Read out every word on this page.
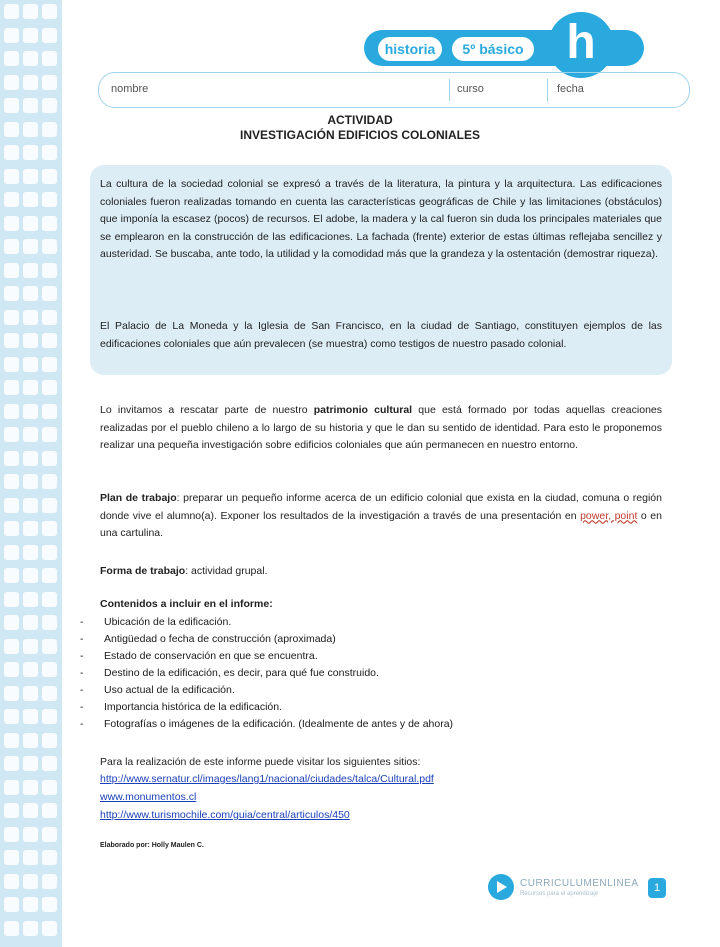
historia	5º básico h
nombre	curso	fecha
ACTIVIDAD
INVESTIGACIÓN EDIFICIOS COLONIALES

La cultura de la sociedad colonial se expresó a través de la literatura, la pintura y la arquitectura. Las edificaciones coloniales fueron realizadas tomando en cuenta las características geográficas de Chile y las limitaciones (obstáculos) que imponía la escasez (pocos) de recursos. El adobe, la madera y la cal fueron sin duda los principales materiales que se emplearon en la construcción de las edificaciones. La fachada (frente) exterior de estas últimas reflejaba sencillez y austeridad. Se buscaba, ante todo, la utilidad y la comodidad más que la grandeza y la ostentación (demostrar riqueza).

El Palacio de La Moneda y la Iglesia de San Francisco, en la ciudad de Santiago, constituyen ejemplos de las edificaciones coloniales que aún prevalecen (se muestra) como testigos de nuestro pasado colonial.

Lo invitamos a rescatar parte de nuestro patrimonio cultural que está formado por todas aquellas creaciones realizadas por el pueblo chileno a lo largo de su historia y que le dan su sentido de identidad. Para esto le proponemos realizar una pequeña investigación sobre edificios coloniales que aún permanecen en nuestro entorno.

Plan de trabajo: preparar un pequeño informe acerca de un edificio colonial que exista en la ciudad, comuna o región donde vive el alumno(a). Exponer los resultados de la investigación a través de una presentación en power, point o en una cartulina.

Forma de trabajo: actividad grupal.

Contenidos a incluir en el informe:

- Ubicación de la edificación.
- Antigüedad o fecha de construcción (aproximada)
- Estado de conservación en que se encuentra.
- Destino de la edificación, es decir, para qué fue construido.
- Uso actual de la edificación.
- Importancia histórica de la edificación.
- Fotografías o imágenes de la edificación. (Idealmente de antes y de ahora)

Para la realización de este informe puede visitar los siguientes sitios:

http://www.sernatur.cl/images/lang1/nacional/ciudades/talca/Cultural.pdf
www.monumentos.cl
http://www.turismochile.com/guia/central/articulos/450

Elaborado por: Holly Maulen C.

CURRICULUMENLINEA
Recursos para el aprendizaje	1
